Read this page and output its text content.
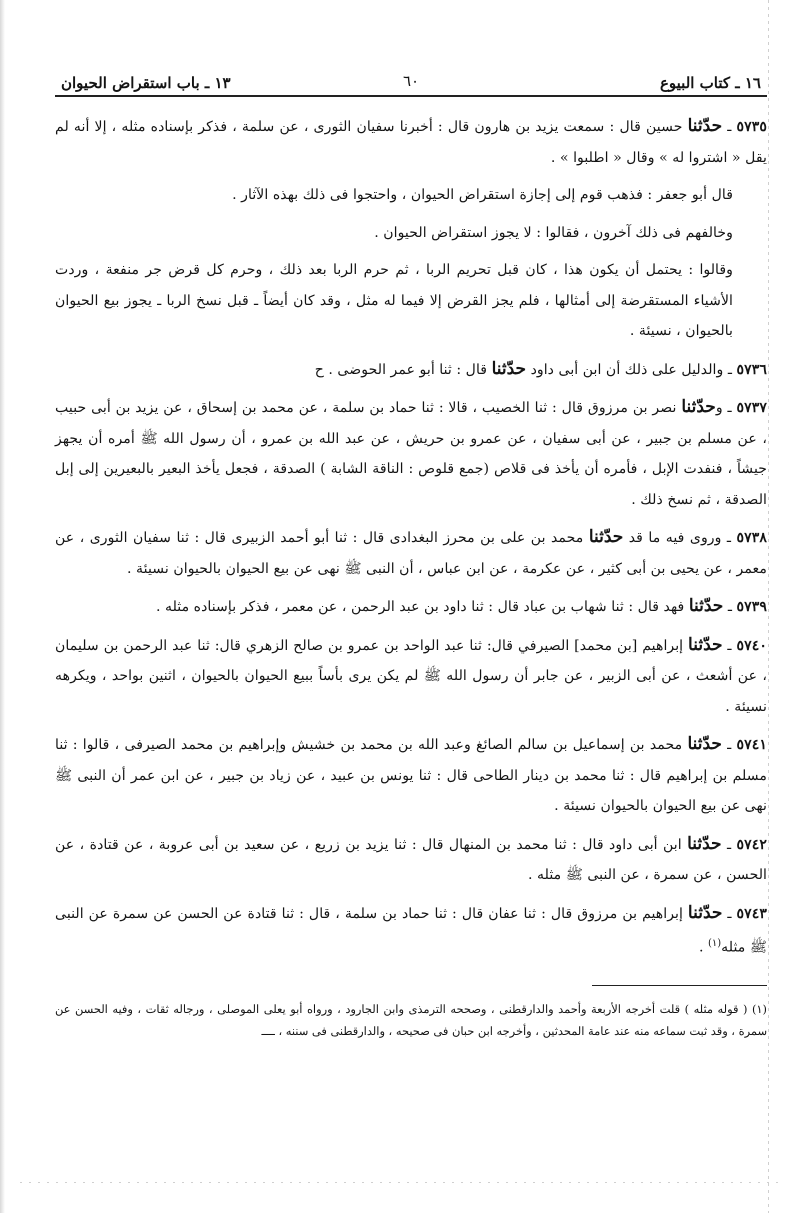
١٦ ـ كتاب البيوع
٦٠
١٣ ـ باب استقراض الحيوان

٥٧٣٥ ـ حدّثنا حسين قال : سمعت يزيد بن هارون قال : أخبرنا سفيان الثورى ، عن سلمة ، فذكر بإسناده مثله ، إلا أنه لم يقل « اشتروا له » وقال « اطلبوا » .

قال أبو جعفر : فذهب قوم إلى إجازة استقراض الحيوان ، واحتجوا فى ذلك بهذه الآثار .

وخالفهم فى ذلك آخرون ، فقالوا : لا يجوز استقراض الحيوان .

وقالوا : يحتمل أن يكون هذا ، كان قبل تحريم الربا ، ثم حرم الربا بعد ذلك ، وحرم كل قرض جر منفعة ، وردت الأشياء المستقرضة إلى أمثالها ، فلم يجز القرض إلا فيما له مثل ، وقد كان أيضاً ـ قبل نسخ الربا ـ يجوز بيع الحيوان بالحيوان ، نسيئة .

٥٧٣٦ ـ والدليل على ذلك أن ابن أبى داود حدّثنا قال : ثنا أبو عمر الحوضى . ح

٥٧٣٧ ـ وحدّثنا نصر بن مرزوق قال : ثنا الخصيب ، قالا : ثنا حماد بن سلمة ، عن محمد بن إسحاق ، عن يزيد بن أبى حبيب ، عن مسلم بن جبير ، عن أبى سفيان ، عن عمرو بن حريش ، عن عبد الله بن عمرو ، أن رسول الله ﷺ أمره أن يجهز جيشاً ، فنفدت الإبل ، فأمره أن يأخذ فى قلاص (جمع قلوص : الناقة الشابة ) الصدقة ، فجعل يأخذ البعير بالبعيرين إلى إبل الصدقة ، ثم نسخ ذلك .

٥٧٣٨ ـ وروى فيه ما قد حدّثنا محمد بن على بن محرز البغدادى قال : ثنا أبو أحمد الزبيرى قال : ثنا سفيان الثورى ، عن معمر ، عن يحيى بن أبى كثير ، عن عكرمة ، عن ابن عباس ، أن النبى ﷺ نهى عن بيع الحيوان بالحيوان نسيئة .

٥٧٣٩ ـ حدّثنا فهد قال : ثنا شهاب بن عباد قال : ثنا داود بن عبد الرحمن ، عن معمر ، فذكر بإسناده مثله .

٥٧٤٠ ـ حدّثنا إبراهيم [بن محمد] الصيرفي قال: ثنا عبد الواحد بن عمرو بن صالح الزهري قال: ثنا عبد الرحمن بن سليمان ، عن أشعث ، عن أبى الزبير ، عن جابر أن رسول الله ﷺ لم يكن يرى بأساً ببيع الحيوان بالحيوان ، اثنين بواحد ، ويكرهه نسيئة .

٥٧٤١ ـ حدّثنا محمد بن إسماعيل بن سالم الصائغ وعبد الله بن محمد بن خشيش وإبراهيم بن محمد الصيرفى ، قالوا : ثنا مسلم بن إبراهيم قال : ثنا محمد بن دينار الطاحى قال : ثنا يونس بن عبيد ، عن زياد بن جبير ، عن ابن عمر أن النبى ﷺ نهى عن بيع الحيوان بالحيوان نسيئة .

٥٧٤٢ ـ حدّثنا ابن أبى داود قال : ثنا محمد بن المنهال قال : ثنا يزيد بن زريع ، عن سعيد بن أبى عروبة ، عن قتادة ، عن الحسن ، عن سمرة ، عن النبى ﷺ مثله .

٥٧٤٣ ـ حدّثنا إبراهيم بن مرزوق قال : ثنا عفان قال : ثنا حماد بن سلمة ، قال : ثنا قتادة عن الحسن عن سمرة عن النبى ﷺ مثله$^{(١)}$ .

(١) ( قوله مثله ) قلت أخرجه الأربعة وأحمد والدارقطنى ، وصححه الترمذى وابن الجارود ، ورواه أبو يعلى الموصلى ، ورجاله ثقات ، وفيه الحسن عن سمرة ، وقد ثبت سماعه منه عند عامة المحدثين ، وأخرجه ابن حبان فى صحيحه ، والدارقطنى فى سننه ، ــــ
